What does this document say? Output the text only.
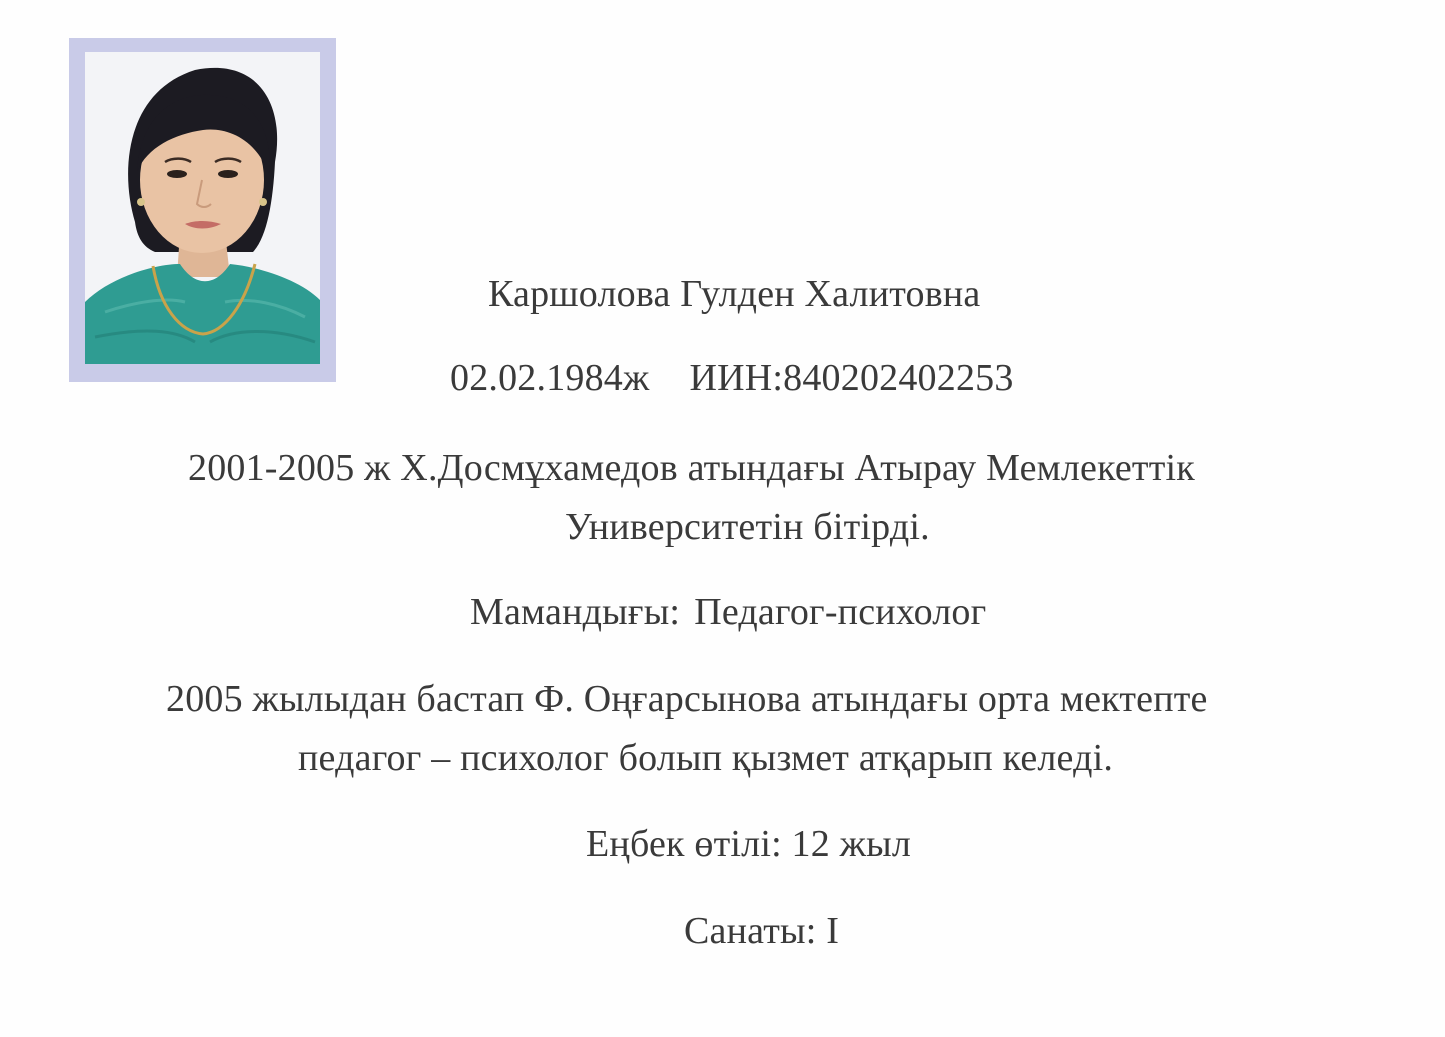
Каршолова Гулден Халитовна
02.02.1984ж ИИН:840202402253
2001-2005 ж Х.Досмұхамедов атындағы Атырау Мемлекеттік
Университетін бітірді.
Мамандығы: Педагог-психолог
2005 жылыдан бастап Ф. Оңғарсынова атындағы орта мектепте
педагог – психолог болып қызмет атқарып келеді.
Еңбек өтілі: 12 жыл
Санаты: І
